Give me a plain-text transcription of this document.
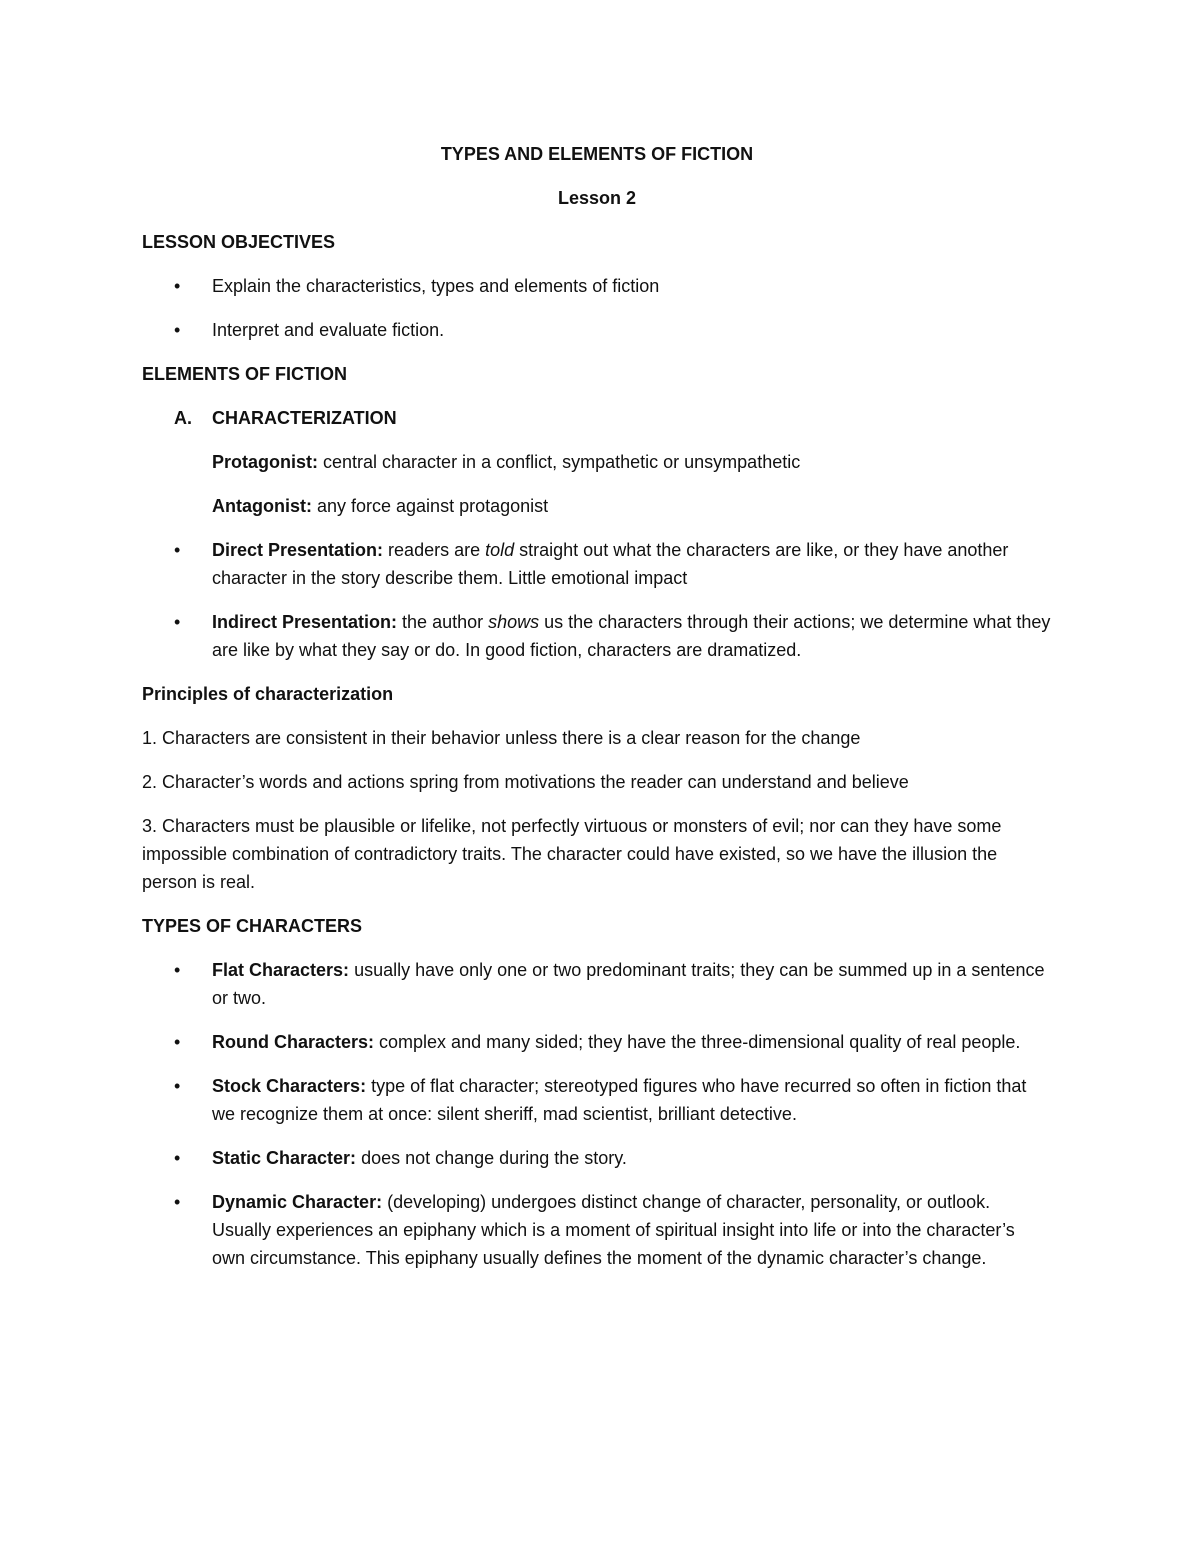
TYPES AND ELEMENTS OF FICTION
Lesson 2
LESSON OBJECTIVES
• Explain the characteristics, types and elements of fiction
• Interpret and evaluate fiction.
ELEMENTS OF FICTION
A. CHARACTERIZATION
Protagonist: central character in a conflict, sympathetic or unsympathetic
Antagonist: any force against protagonist
• Direct Presentation: readers are told straight out what the characters are like, or they have another character in the story describe them. Little emotional impact
• Indirect Presentation: the author shows us the characters through their actions; we determine what they are like by what they say or do. In good fiction, characters are dramatized.
Principles of characterization
1. Characters are consistent in their behavior unless there is a clear reason for the change
2. Character’s words and actions spring from motivations the reader can understand and believe
3. Characters must be plausible or lifelike, not perfectly virtuous or monsters of evil; nor can they have some impossible combination of contradictory traits. The character could have existed, so we have the illusion the person is real.
TYPES OF CHARACTERS
• Flat Characters: usually have only one or two predominant traits; they can be summed up in a sentence or two.
• Round Characters: complex and many sided; they have the three-dimensional quality of real people.
• Stock Characters: type of flat character; stereotyped figures who have recurred so often in fiction that we recognize them at once: silent sheriff, mad scientist, brilliant detective.
• Static Character: does not change during the story.
• Dynamic Character: (developing) undergoes distinct change of character, personality, or outlook. Usually experiences an epiphany which is a moment of spiritual insight into life or into the character’s own circumstance. This epiphany usually defines the moment of the dynamic character’s change.
